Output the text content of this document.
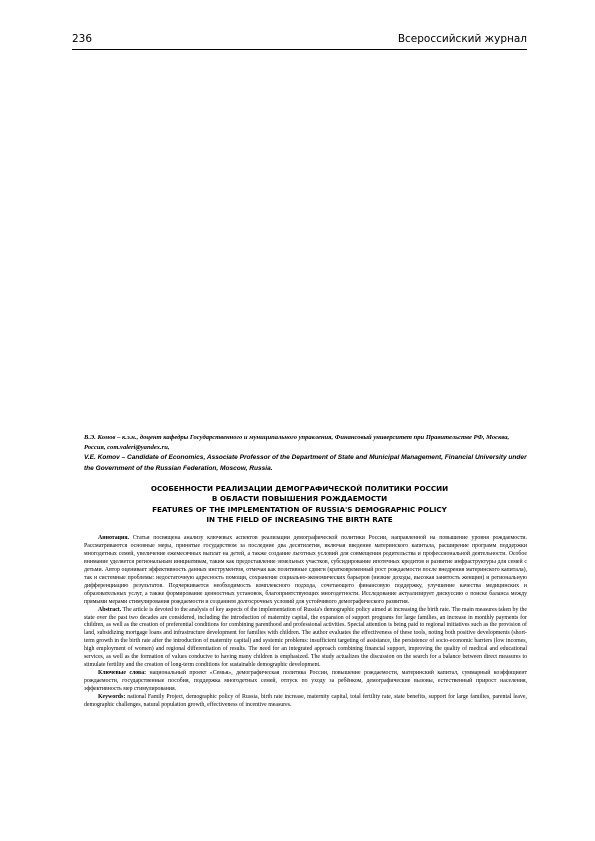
236	Всероссийский журнал

В.Э. Комов – к.э.н., доцент кафедры Государственного и муниципального управления, Финансовый университет при Правительстве РФ, Москва, Россия, com.valeri@yandex.ru,

V.E. Komov – Candidate of Economics, Associate Professor of the Department of State and Municipal Management, Financial University under the Government of the Russian Federation, Moscow, Russia.

ОСОБЕННОСТИ РЕАЛИЗАЦИИ ДЕМОГРАФИЧЕСКОЙ ПОЛИТИКИ РОССИИ
В ОБЛАСТИ ПОВЫШЕНИЯ РОЖДАЕМОСТИ
FEATURES OF THE IMPLEMENTATION OF RUSSIA'S DEMOGRAPHIC POLICY
IN THE FIELD OF INCREASING THE BIRTH RATE

Аннотация. Статья посвящена анализу ключевых аспектов реализации демографической политики России, направленной на повышение уровня рождаемости. Рассматриваются основные меры, принятые государством за последние два десятилетия, включая введение материнского капитала, расширение программ поддержки многодетных семей, увеличение ежемесячных выплат на детей, а также создание льготных условий для совмещения родительства и профессиональной деятельности. Особое внимание уделяется региональным инициативам, таким как предоставление земельных участков, субсидирование ипотечных кредитов и развитие инфраструктуры для семей с детьми. Автор оценивает эффективность данных инструментов, отмечая как позитивные сдвиги (кратковременный рост рождаемости после внедрения материнского капитала), так и системные проблемы: недостаточную адресность помощи, сохранение социально-экономических барьеров (низкие доходы, высокая занятость женщин) и региональную дифференциацию результатов. Подчеркивается необходимость комплексного подхода, сочетающего финансовую поддержку, улучшение качества медицинских и образовательных услуг, а также формирование ценностных установок, благоприятствующих многодетности. Исследование актуализирует дискуссию о поиске баланса между прямыми мерами стимулирования рождаемости и созданием долгосрочных условий для устойчивого демографического развития.

Abstract. The article is devoted to the analysis of key aspects of the implementation of Russia's demographic policy aimed at increasing the birth rate. The main measures taken by the state over the past two decades are considered, including the introduction of maternity capital, the expansion of support programs for large families, an increase in monthly payments for children, as well as the creation of preferential conditions for combining parenthood and professional activities. Special attention is being paid to regional initiatives such as the provision of land, subsidizing mortgage loans and infrastructure development for families with children. The author evaluates the effectiveness of these tools, noting both positive developments (short-term growth in the birth rate after the introduction of maternity capital) and systemic problems: insufficient targeting of assistance, the persistence of socio-economic barriers (low incomes, high employment of women) and regional differentiation of results. The need for an integrated approach combining financial support, improving the quality of medical and educational services, as well as the formation of values conducive to having many children is emphasized. The study actualizes the discussion on the search for a balance between direct measures to stimulate fertility and the creation of long-term conditions for sustainable demographic development.

Ключевые слова: национальный проект «Семья», демографическая политика России, повышение рождаемости, материнский капитал, суммарный коэффициент рождаемости, государственные пособия, поддержка многодетных семей, отпуск по уходу за ребёнком, демографические вызовы, естественный прирост населения, эффективность мер стимулирования.

Keywords: national Family Project, demographic policy of Russia, birth rate increase, maternity capital, total fertility rate, state benefits, support for large families, parental leave, demographic challenges, natural population growth, effectiveness of incentive measures.
